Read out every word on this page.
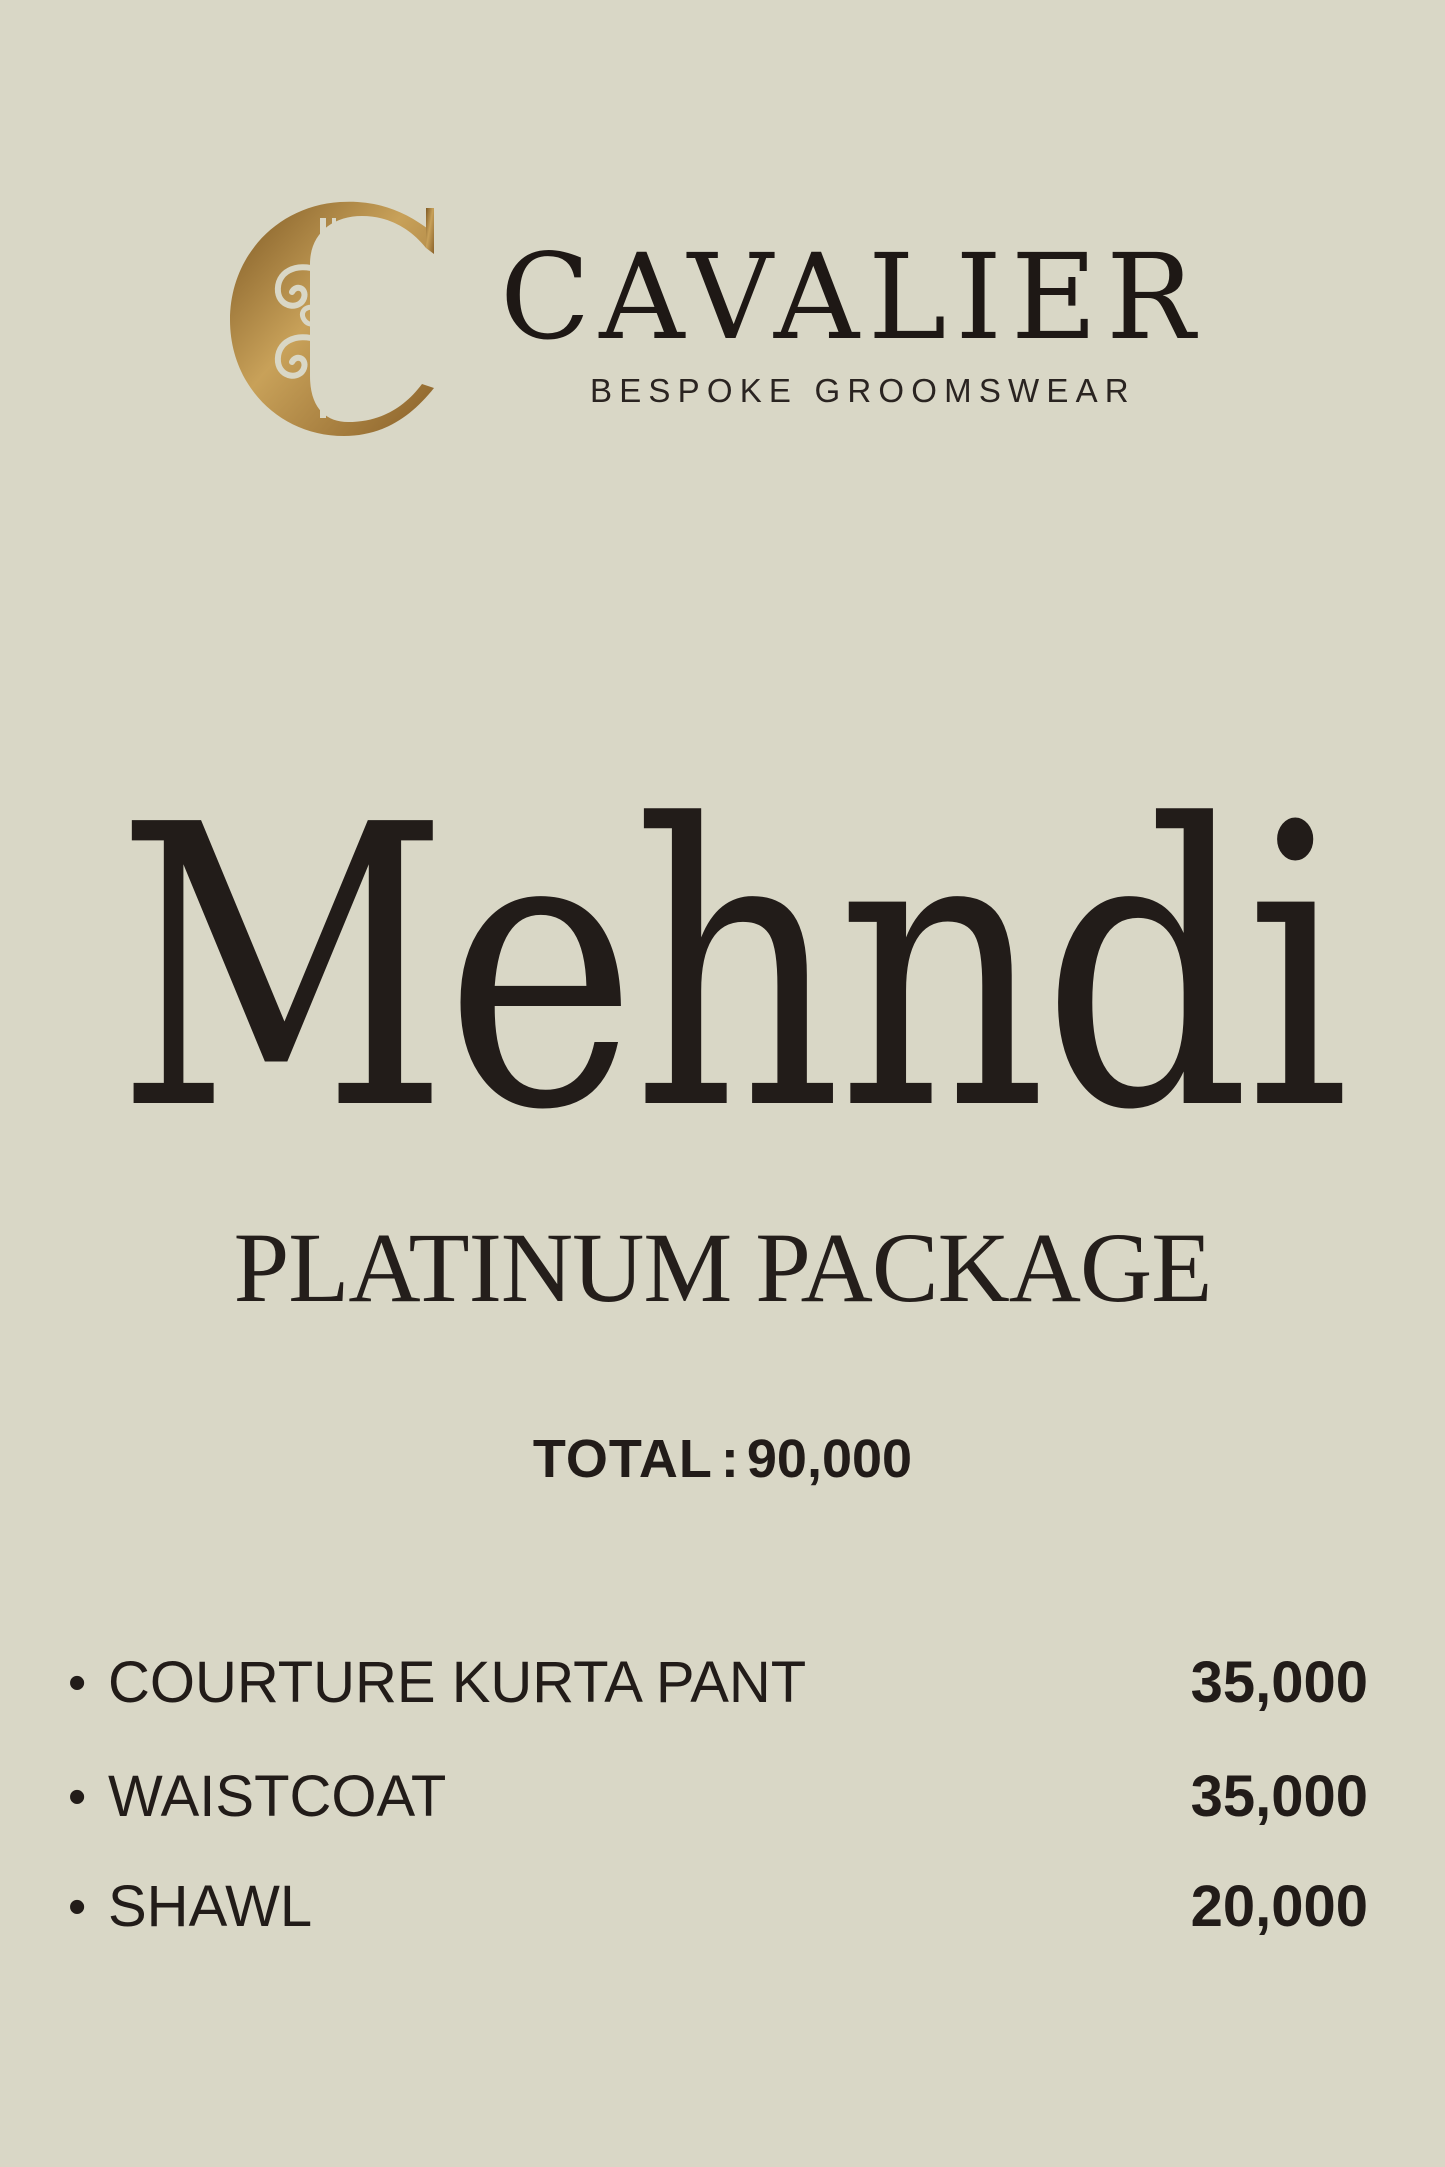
CAVALIER
BESPOKE GROOMSWEAR
Mehndi
PLATINUM PACKAGE
TOTAL : 90,000
• COURTURE KURTA PANT	35,000
• WAISTCOAT	35,000
• SHAWL	20,000
